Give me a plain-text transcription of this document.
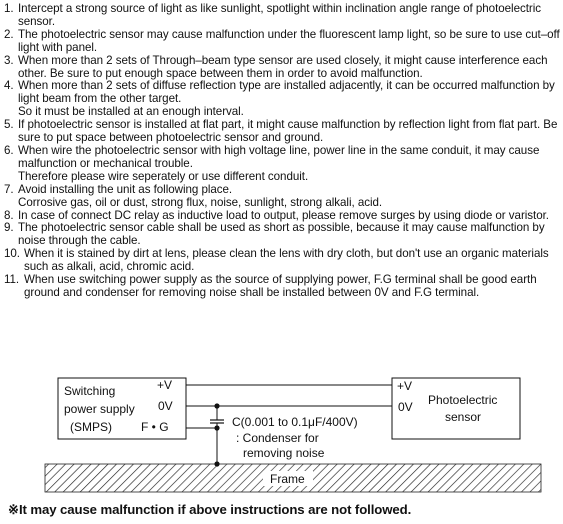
1. Intercept a strong source of light as like sunlight, spotlight within inclination angle range of photoelectric sensor.
2. The photoelectric sensor may cause malfunction under the fluorescent lamp light, so be sure to use cut–off light with panel.
3. When more than 2 sets of Through–beam type sensor are used closely, it might cause interference each other. Be sure to put enough space between them in order to avoid malfunction.
4. When more than 2 sets of diffuse reflection type are installed adjacently, it can be occurred malfunction by light beam from the other target.
So it must be installed at an enough interval.
5. If photoelectric sensor is installed at flat part, it might cause malfunction by reflection light from flat part. Be sure to put space between photoelectric sensor and ground.
6. When wire the photoelectric sensor with high voltage line, power line in the same conduit, it may cause malfunction or mechanical trouble.
Therefore please wire seperately or use different conduit.
7. Avoid installing the unit as following place.
Corrosive gas, oil or dust, strong flux, noise, sunlight, strong alkali, acid.
8. In case of connect DC relay as inductive load to output, please remove surges by using diode or varistor.
9. The photoelectric sensor cable shall be used as short as possible, because it may cause malfunction by noise through the cable.
10. When it is stained by dirt at lens, please clean the lens with dry cloth, but don't use an organic materials such as alkali, acid, chromic acid.
11. When use switching power supply as the source of supplying power, F.G terminal shall be good earth ground and condenser for removing noise shall be installed between 0V and F.G terminal.
Switching
power supply
(SMPS)
+V
0V
F • G
+V
0V Photoelectric
sensor
C(0.001 to 0.1μF/400V)
: Condenser for
removing noise
Frame
※It may cause malfunction if above instructions are not followed.
